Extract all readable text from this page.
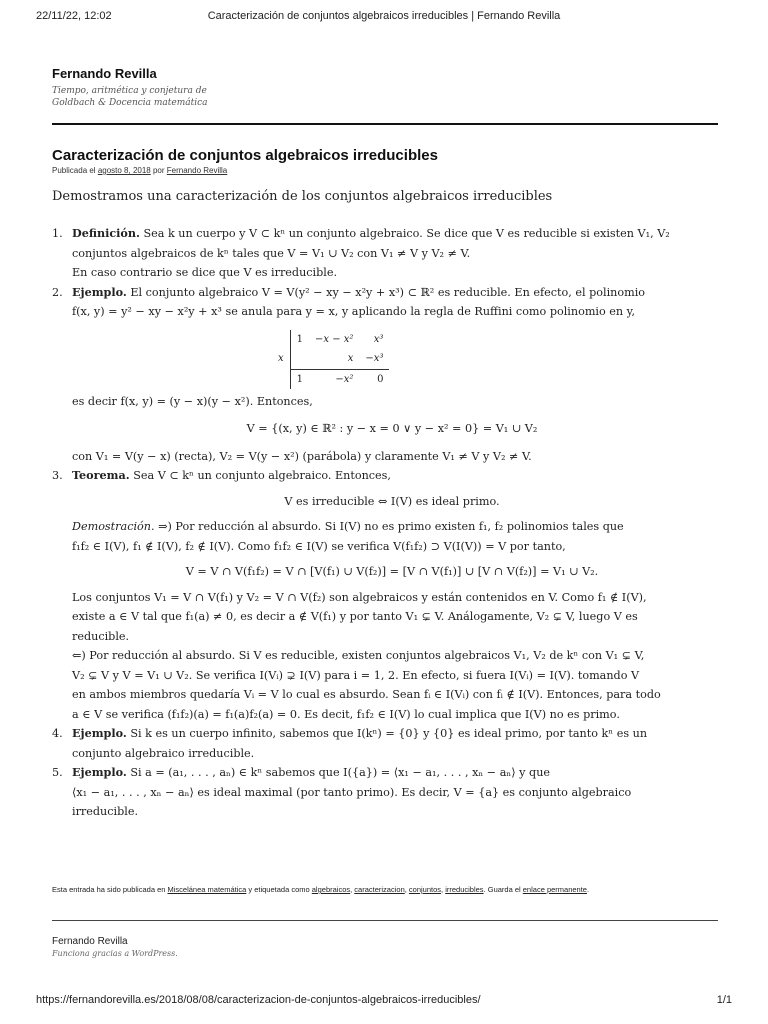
22/11/22, 12:02	Caracterización de conjuntos algebraicos irreducibles | Fernando Revilla
Fernando Revilla
Tiempo, aritmética y conjetura de Goldbach & Docencia matemática
Caracterización de conjuntos algebraicos irreducibles
Publicada el agosto 8, 2018 por Fernando Revilla
Demostramos una caracterización de los conjuntos algebraicos irreducibles
1. Definición. Sea k un cuerpo y V ⊂ kⁿ un conjunto algebraico. Se dice que V es reducible si existen V₁, V₂
conjuntos algebraicos de kⁿ tales que V = V₁ ∪ V₂ con V₁ ≠ V y V₂ ≠ V.
En caso contrario se dice que V es irreducible.
2. Ejemplo. El conjunto algebraico V = V(y² − xy − x²y + x³) ⊂ ℝ² es reducible. En efecto, el polinomio
f(x, y) = y² − xy − x²y + x³ se anula para y = x, y aplicando la regla de Ruffini como polinomio en y,
	1	−x − x²	x³
x		x	−x³
	1	−x²	0
es decir f(x, y) = (y − x)(y − x²). Entonces,
V = {(x, y) ∈ ℝ² : y − x = 0 ∨ y − x² = 0} = V₁ ∪ V₂
con V₁ = V(y − x) (recta), V₂ = V(y − x²) (parábola) y claramente V₁ ≠ V y V₂ ≠ V.
3. Teorema. Sea V ⊂ kⁿ un conjunto algebraico. Entonces,
V es irreducible ⇔ I(V) es ideal primo.
Demostración. ⇒) Por reducción al absurdo. Si I(V) no es primo existen f₁, f₂ polinomios tales que
f₁f₂ ∈ I(V), f₁ ∉ I(V), f₂ ∉ I(V). Como f₁f₂ ∈ I(V) se verifica V(f₁f₂) ⊃ V(I(V)) = V por tanto,
V = V ∩ V(f₁f₂) = V ∩ [V(f₁) ∪ V(f₂)] = [V ∩ V(f₁)] ∪ [V ∩ V(f₂)] = V₁ ∪ V₂.
Los conjuntos V₁ = V ∩ V(f₁) y V₂ = V ∩ V(f₂) son algebraicos y están contenidos en V. Como f₁ ∉ I(V),
existe a ∈ V tal que f₁(a) ≠ 0, es decir a ∉ V(f₁) y por tanto V₁ ⊊ V. Análogamente, V₂ ⊊ V, luego V es
reducible.
⇐) Por reducción al absurdo. Si V es reducible, existen conjuntos algebraicos V₁, V₂ de kⁿ con V₁ ⊊ V,
V₂ ⊊ V y V = V₁ ∪ V₂. Se verifica I(Vᵢ) ⊋ I(V) para i = 1, 2. En efecto, si fuera I(Vᵢ) = I(V). tomando V
en ambos miembros quedaría Vᵢ = V lo cual es absurdo. Sean fᵢ ∈ I(Vᵢ) con fᵢ ∉ I(V). Entonces, para todo
a ∈ V se verifica (f₁f₂)(a) = f₁(a)f₂(a) = 0. Es decit, f₁f₂ ∈ I(V) lo cual implica que I(V) no es primo.
4. Ejemplo. Si k es un cuerpo infinito, sabemos que I(kⁿ) = {0} y {0} es ideal primo, por tanto kⁿ es un
conjunto algebraico irreducible.
5. Ejemplo. Si a = (a₁, . . . , aₙ) ∈ kⁿ sabemos que I({a}) = ⟨x₁ − a₁, . . . , xₙ − aₙ⟩ y que
⟨x₁ − a₁, . . . , xₙ − aₙ⟩ es ideal maximal (por tanto primo). Es decir, V = {a} es conjunto algebraico
irreducible.
Esta entrada ha sido publicada en Miscelánea matemática y etiquetada como algebraicos, caracterizacion, conjuntos, irreducibles. Guarda el enlace permanente.
Fernando Revilla
Funciona gracias a WordPress.
https://fernandorevilla.es/2018/08/08/caracterizacion-de-conjuntos-algebraicos-irreducibles/	1/1
